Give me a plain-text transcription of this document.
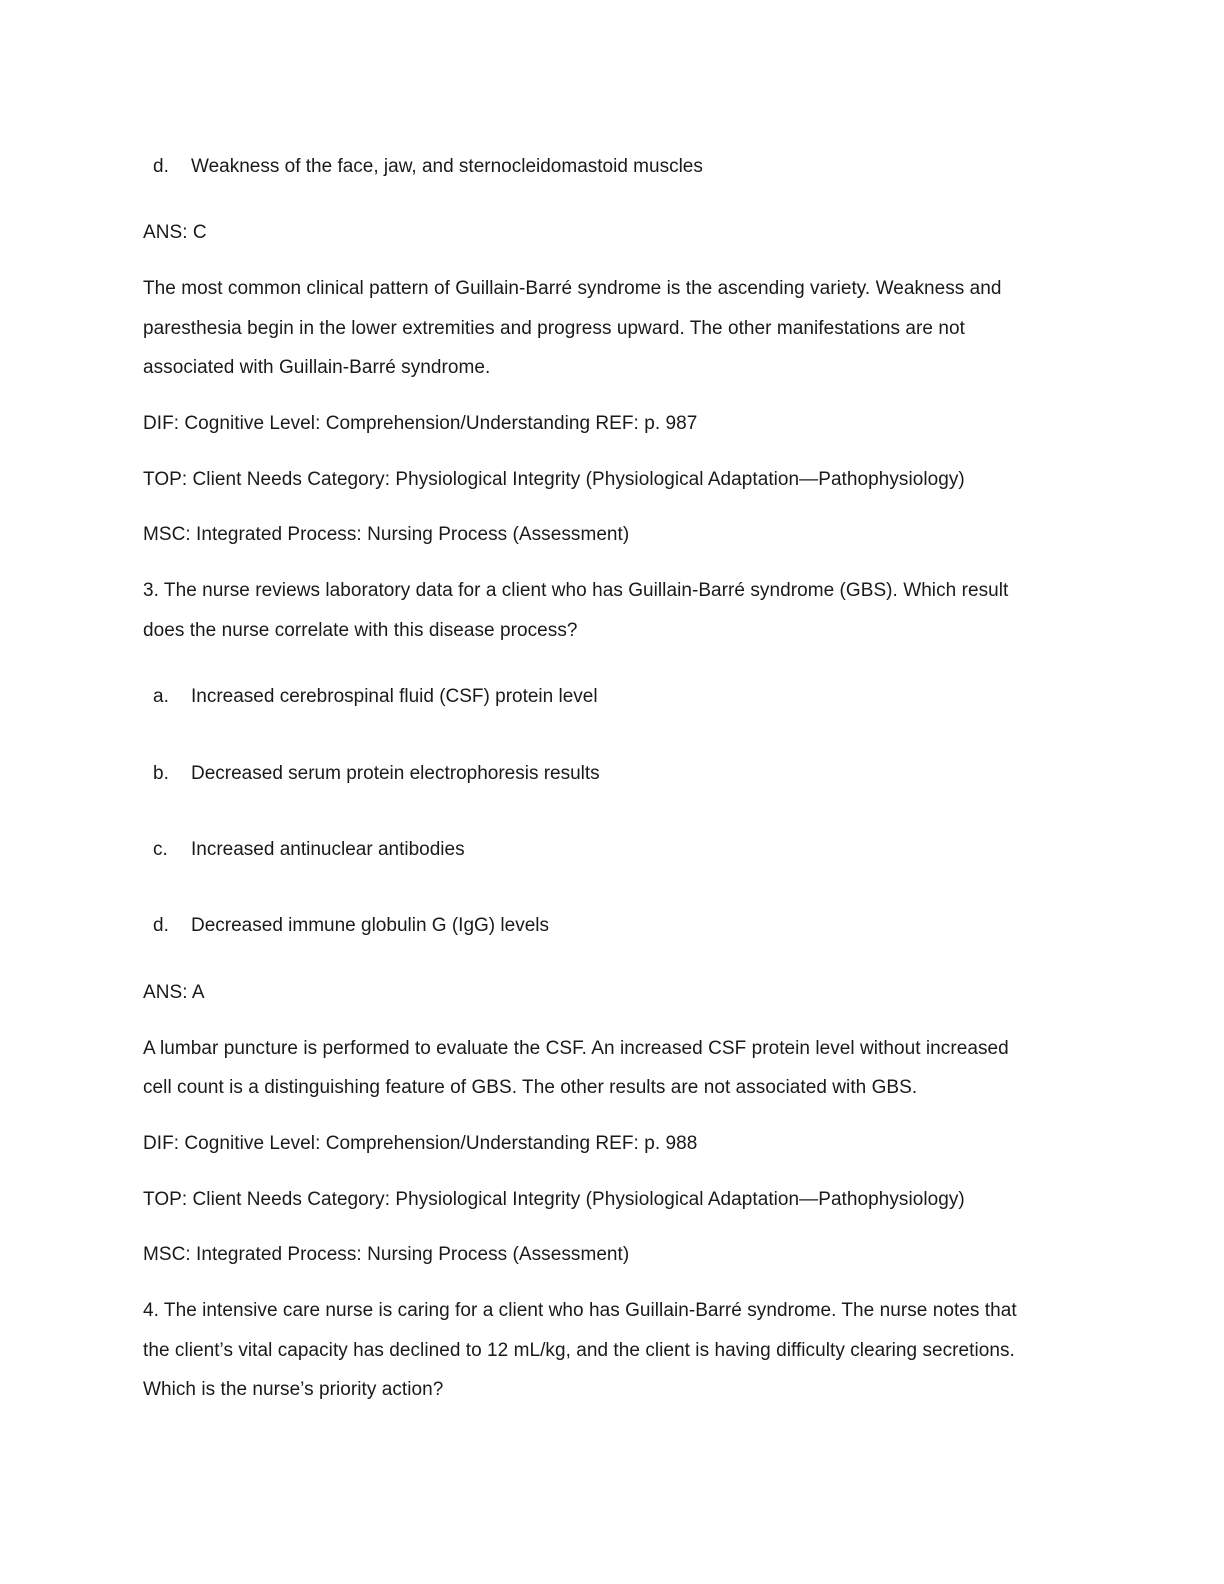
d. Weakness of the face, jaw, and sternocleidomastoid muscles
ANS: C
The most common clinical pattern of Guillain-Barré syndrome is the ascending variety. Weakness and
paresthesia begin in the lower extremities and progress upward. The other manifestations are not
associated with Guillain-Barré syndrome.
DIF: Cognitive Level: Comprehension/Understanding REF: p. 987
TOP: Client Needs Category: Physiological Integrity (Physiological Adaptation—Pathophysiology)
MSC: Integrated Process: Nursing Process (Assessment)
3. The nurse reviews laboratory data for a client who has Guillain-Barré syndrome (GBS). Which result
does the nurse correlate with this disease process?
a. Increased cerebrospinal fluid (CSF) protein level
b. Decreased serum protein electrophoresis results
c. Increased antinuclear antibodies
d. Decreased immune globulin G (IgG) levels
ANS: A
A lumbar puncture is performed to evaluate the CSF. An increased CSF protein level without increased
cell count is a distinguishing feature of GBS. The other results are not associated with GBS.
DIF: Cognitive Level: Comprehension/Understanding REF: p. 988
TOP: Client Needs Category: Physiological Integrity (Physiological Adaptation—Pathophysiology)
MSC: Integrated Process: Nursing Process (Assessment)
4. The intensive care nurse is caring for a client who has Guillain-Barré syndrome. The nurse notes that
the client’s vital capacity has declined to 12 mL/kg, and the client is having difficulty clearing secretions.
Which is the nurse’s priority action?
